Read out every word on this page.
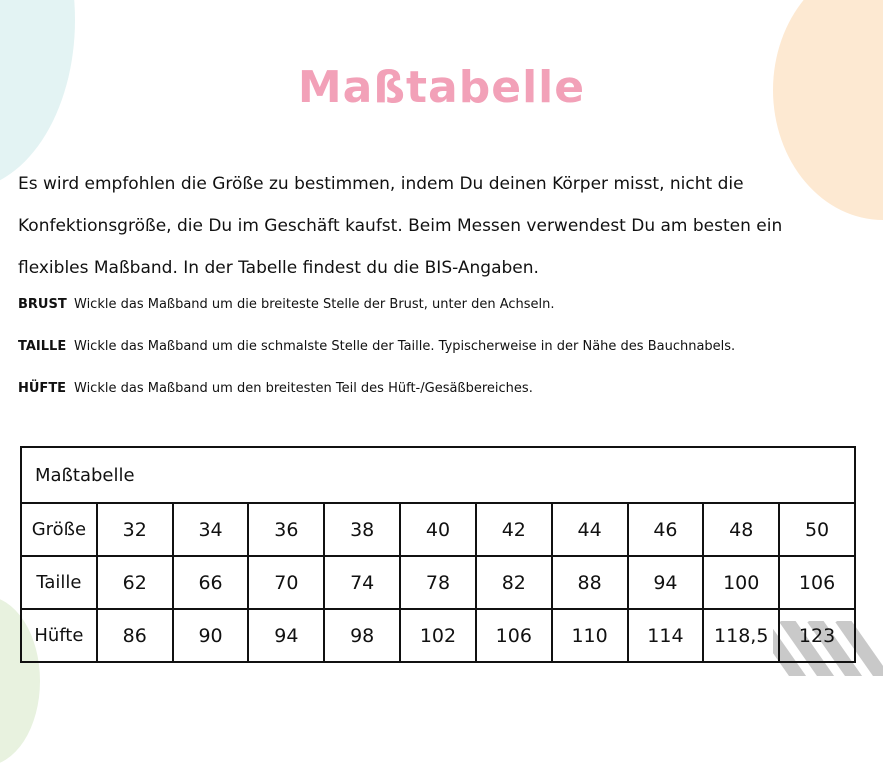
Maßtabelle
Es wird empfohlen die Größe zu bestimmen, indem Du deinen Körper misst, nicht die Konfektionsgröße, die Du im Geschäft kaufst. Beim Messen verwendest Du am besten ein flexibles Maßband. In der Tabelle findest du die BIS-Angaben.
BRUST Wickle das Maßband um die breiteste Stelle der Brust, unter den Achseln.
TAILLE Wickle das Maßband um die schmalste Stelle der Taille. Typischerweise in der Nähe des Bauchnabels.
HÜFTE Wickle das Maßband um den breitesten Teil des Hüft-/Gesäßbereiches.
Maßtabelle										
Größe	32	34	36	38	40	42	44	46	48	50
Taille	62	66	70	74	78	82	88	94	100	106
Hüfte	86	90	94	98	102	106	110	114	118,5	123
